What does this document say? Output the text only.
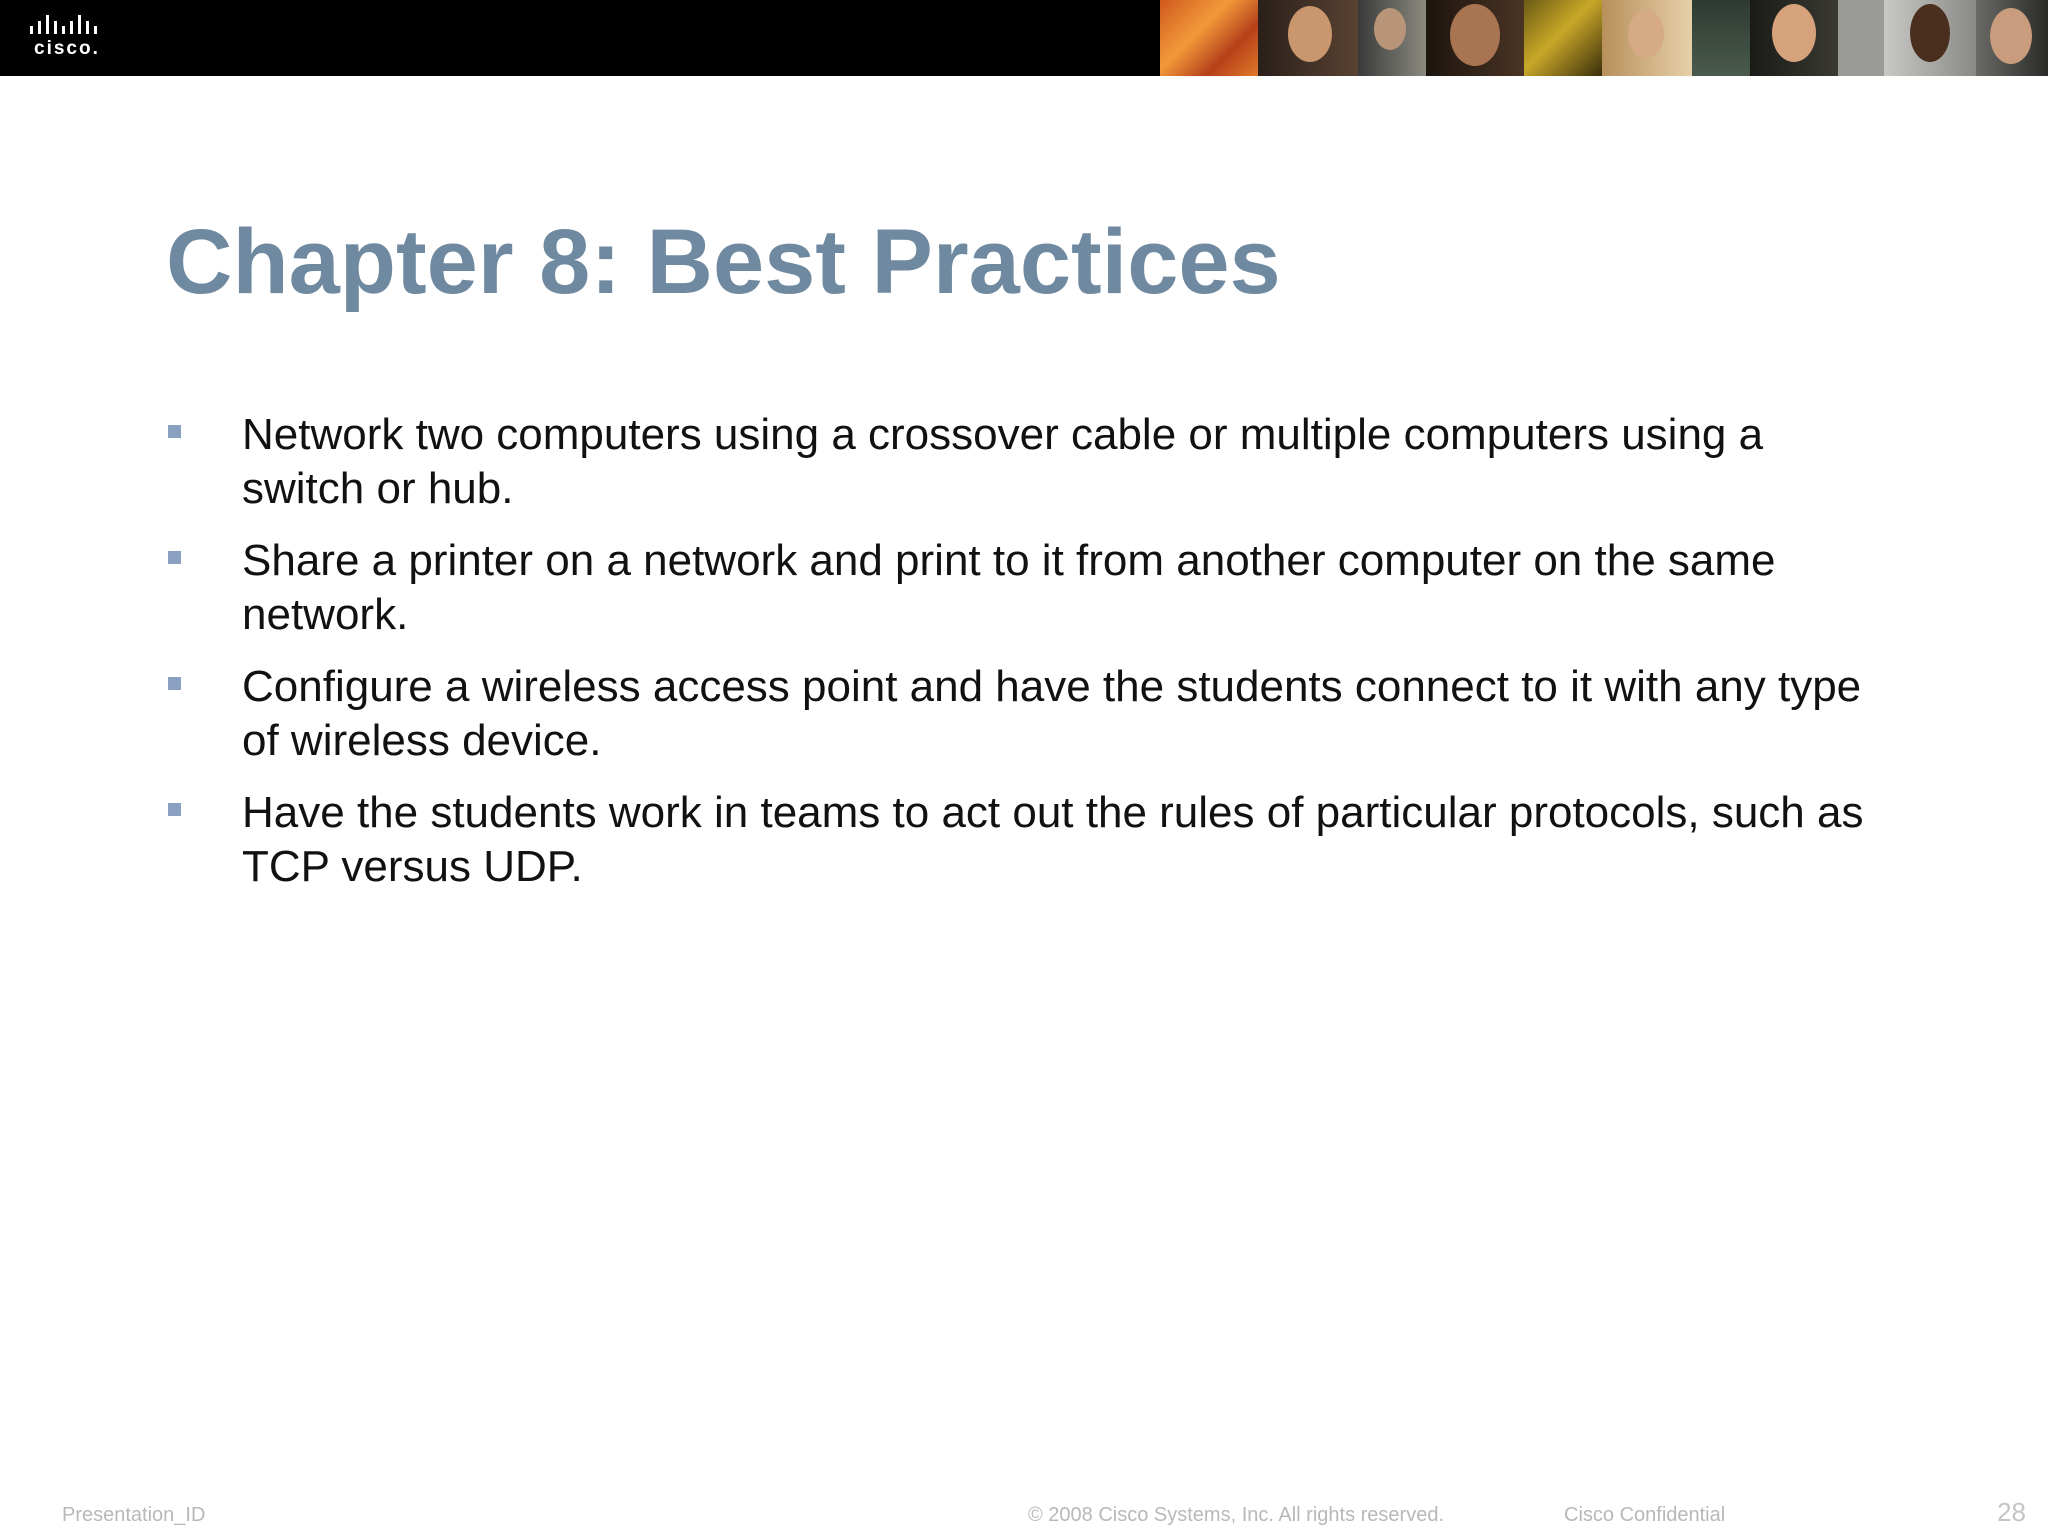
cisco.
Chapter 8: Best Practices
Network two computers using a crossover cable or multiple computers using a switch or hub.
Share a printer on a network and print to it from another computer on the same network.
Configure a wireless access point and have the students connect to it with any type of wireless device.
Have the students work in teams to act out the rules of particular protocols, such as TCP versus UDP.
Presentation_ID	© 2008 Cisco Systems, Inc. All rights reserved.	Cisco Confidential	28
